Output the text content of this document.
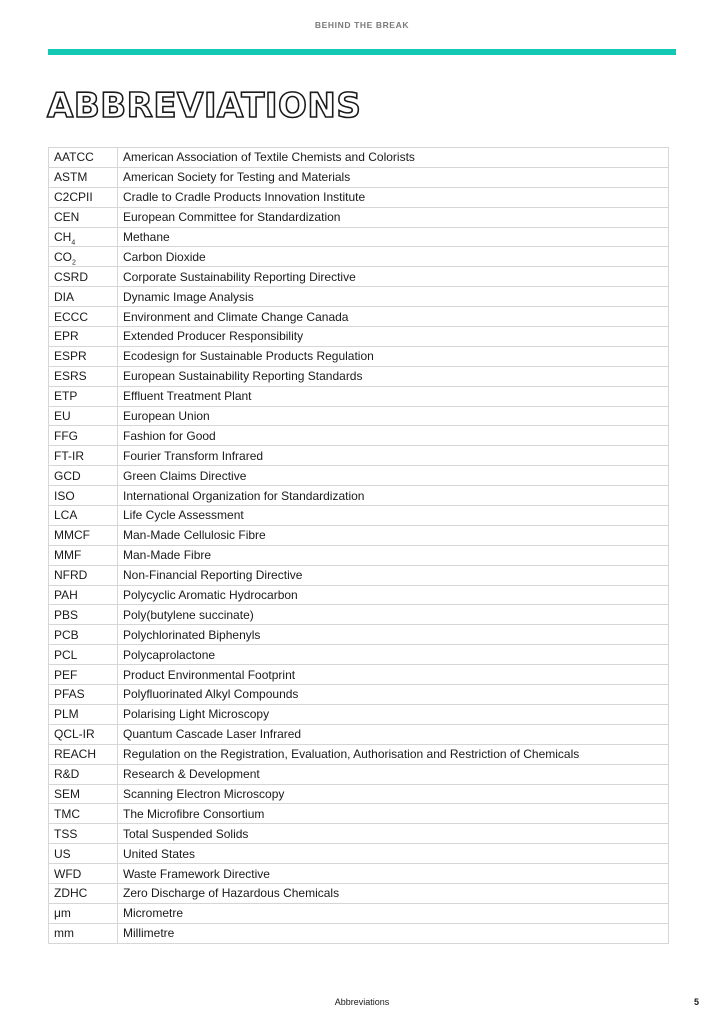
BEHIND THE BREAK
ABBREVIATIONS
AATCC	American Association of Textile Chemists and Colorists
ASTM	American Society for Testing and Materials
C2CPII	Cradle to Cradle Products Innovation Institute
CEN	European Committee for Standardization
$CH_4$	Methane
$CO_2$	Carbon Dioxide
CSRD	Corporate Sustainability Reporting Directive
DIA	Dynamic Image Analysis
ECCC	Environment and Climate Change Canada
EPR	Extended Producer Responsibility
ESPR	Ecodesign for Sustainable Products Regulation
ESRS	European Sustainability Reporting Standards
ETP	Effluent Treatment Plant
EU	European Union
FFG	Fashion for Good
FT-IR	Fourier Transform Infrared
GCD	Green Claims Directive
ISO	International Organization for Standardization
LCA	Life Cycle Assessment
MMCF	Man-Made Cellulosic Fibre
MMF	Man-Made Fibre
NFRD	Non-Financial Reporting Directive
PAH	Polycyclic Aromatic Hydrocarbon
PBS	Poly(butylene succinate)
PCB	Polychlorinated Biphenyls
PCL	Polycaprolactone
PEF	Product Environmental Footprint
PFAS	Polyfluorinated Alkyl Compounds
PLM	Polarising Light Microscopy
QCL-IR	Quantum Cascade Laser Infrared
REACH	Regulation on the Registration, Evaluation, Authorisation and Restriction of Chemicals
R&D	Research & Development
SEM	Scanning Electron Microscopy
TMC	The Microfibre Consortium
TSS	Total Suspended Solids
US	United States
WFD	Waste Framework Directive
ZDHC	Zero Discharge of Hazardous Chemicals
μm	Micrometre
mm	Millimetre
Abbreviations	5
